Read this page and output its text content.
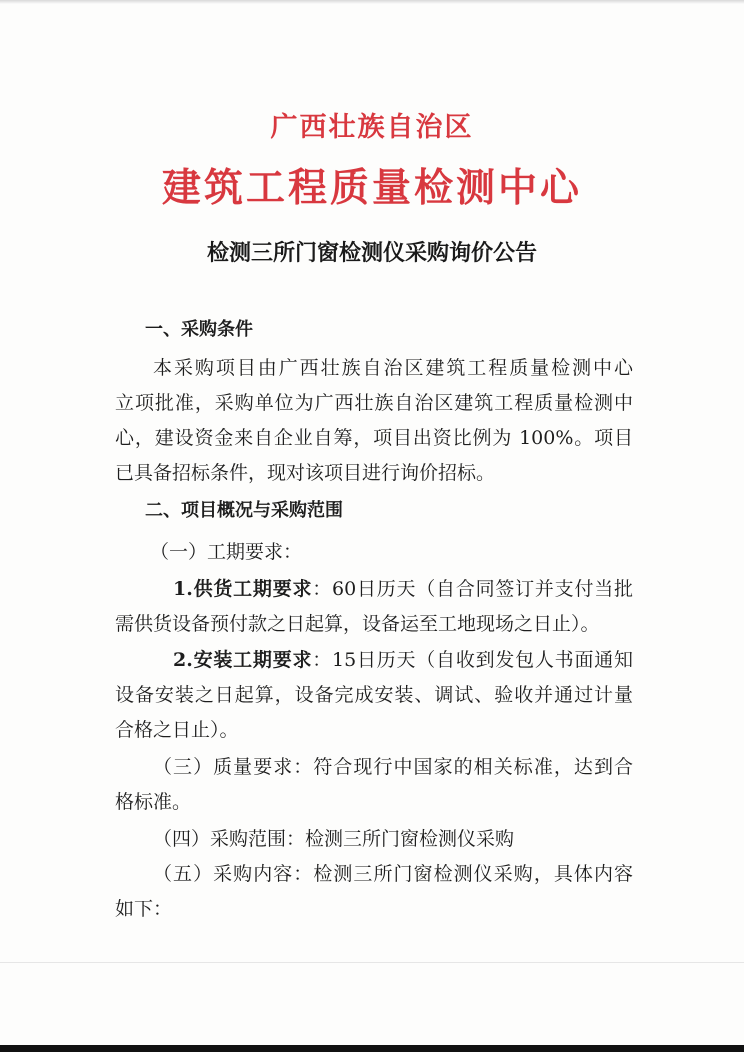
广西壮族自治区
建筑工程质量检测中心
检测三所门窗检测仪采购询价公告
一、采购条件
本采购项目由广西壮族自治区建筑工程质量检测中心
立项批准，采购单位为广西壮族自治区建筑工程质量检测中
心，建设资金来自企业自筹，项目出资比例为 100%。项目
已具备招标条件，现对该项目进行询价招标。
二、项目概况与采购范围
（一）工期要求：
1.供货工期要求：60日历天（自合同签订并支付当批
需供货设备预付款之日起算，设备运至工地现场之日止）。
2.安装工期要求：15日历天（自收到发包人书面通知
设备安装之日起算，设备完成安装、调试、验收并通过计量
合格之日止）。
（三）质量要求：符合现行中国家的相关标准，达到合
格标准。
（四）采购范围：检测三所门窗检测仪采购
（五）采购内容：检测三所门窗检测仪采购，具体内容
如下：
